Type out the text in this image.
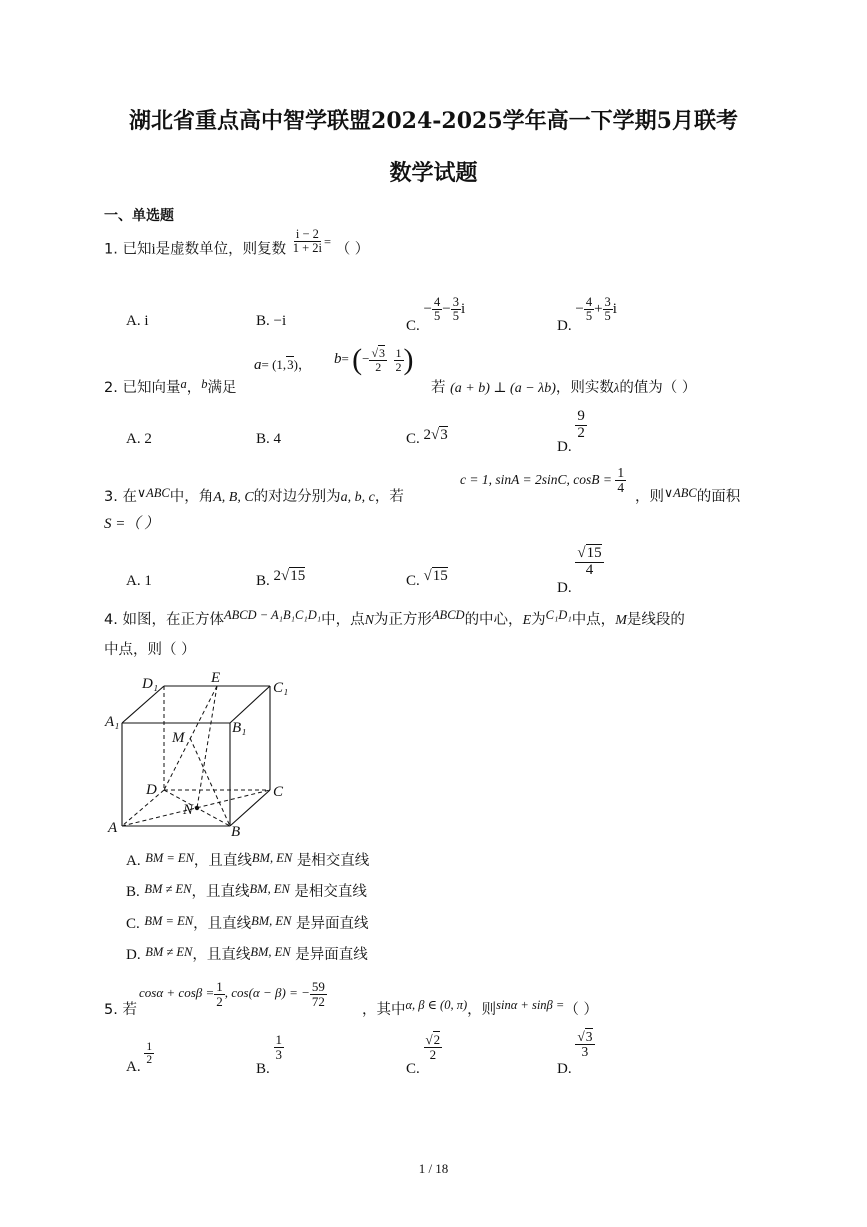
湖北省重点高中智学联盟2024-2025学年高一下学期5月联考
数学试题
一、单选题
1. 已知i是虚数单位，则复数 $\frac{i - 2}{1 + 2i}$ = （ ）
A. i	B. −i	C. − $\frac{4}{5} - \frac{3}{5}$ i
D. − $\frac{4}{5} + \frac{3}{5}$ i
2. 已知向量a，b满足
a= (1,3)， b= (− $\frac{√3}{2}$
$\frac{1}{2}$ )
若 (a + b) ⊥ (a − λb)，则实数λ的值为（ ）
A. 2	B. 4	C. 2√3
D.
$\frac{9}{2}$
3. 在∨ABC中，角A, B, C的对边分别为a, b, c，若
c = 1, sinA = 2sinC, $\cos B = \frac{1}{4}$
，则∨ABC的面积
S =（ ）
A. 1	B. 2√15	C. √15
D.
$\frac{√15}{4}$
4. 如图，在正方体ABCD − A₁B₁C₁D₁中，点N为正方形ABCD的中心，E为C₁D₁中点，M是线段的
中点，则（ ）
D₁	E
C₁
A₁	B₁
M
D	C
N
A	B
A. BM = EN，且直线BM, EN 是相交直线
B. BM ≠ EN，且直线BM, EN 是相交直线
C. BM = EN，且直线BM, EN 是异面直线
D. BM ≠ EN，且直线BM, EN 是异面直线
5. 若
$\cos\alpha + \cos\beta = \frac{1}{2}$ , cos(α − β) = − $\frac{59}{72}$
，其中α, β ∈ (0, π)，则sinα + sinβ =（ ）
A.
$\frac{1}{2}$
B.
$\frac{1}{3}$
C.
$\frac{√2}{2}$
D.
$\frac{√3}{3}$
1 / 18
